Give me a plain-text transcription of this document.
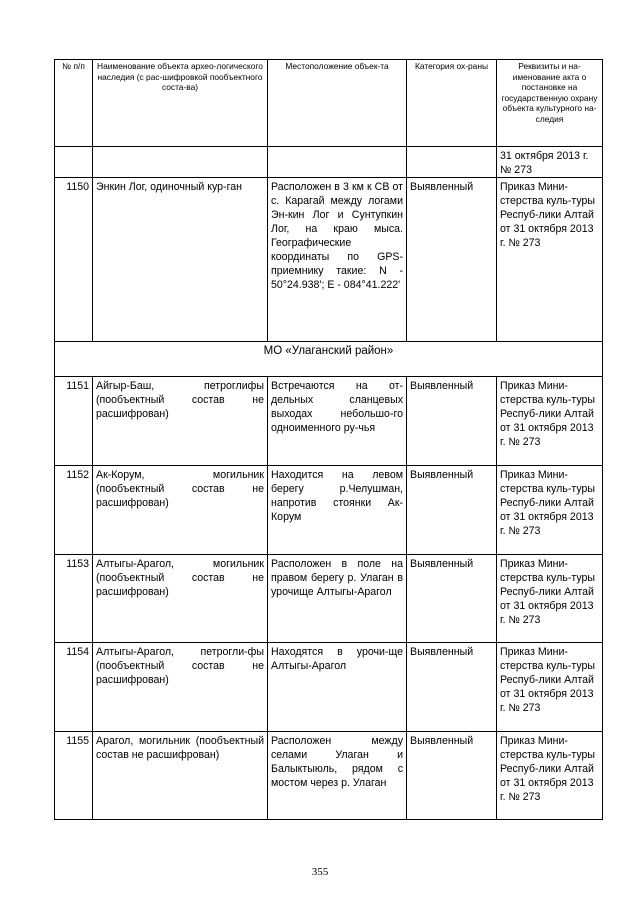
№ п/п	Наименование объекта архео-логического наследия (с рас-шифровкой пообъектного соста-ва)	Местоположение объек-та	Категория ох-раны	Реквизиты и на-именование акта о постановке на государственную охрану объекта культурного на-следия
				31 октября 2013 г. № 273
1150	Энкин Лог, одиночный кур-ган	Расположен в 3 км к СВ от с. Карагай между логами Эн-кин Лог и Сунтупкин Лог, на краю мыса. Географические координаты по GPS-приемнику такие: N - 50°24.938'; E - 084°41.222'	Выявленный	Приказ Мини-стерства куль-туры Респуб-лики Алтай от 31 октября 2013 г. № 273
МО «Улаганский район»				
1151	Айгыр-Баш, петроглифы (пообъектный состав не расшифрован)	Встречаются на от-дельных сланцевых выходах небольшо-го одноименного ру-чья	Выявленный	Приказ Мини-стерства куль-туры Респуб-лики Алтай от 31 октября 2013 г. № 273
1152	Ак-Корум, могильник (пообъектный состав не расшифрован)	Находится на левом берегу р.Челушман, напротив стоянки Ак-Корум	Выявленный	Приказ Мини-стерства куль-туры Респуб-лики Алтай от 31 октября 2013 г. № 273
1153	Алтыгы-Арагол, могильник (пообъектный состав не расшифрован)	Расположен в поле на правом берегу р. Улаган в урочище Алтыгы-Арагол	Выявленный	Приказ Мини-стерства куль-туры Респуб-лики Алтай от 31 октября 2013 г. № 273
1154	Алтыгы-Арагол, петрогли-фы (пообъектный состав не расшифрован)	Находятся в урочи-ще Алтыгы-Арагол	Выявленный	Приказ Мини-стерства куль-туры Респуб-лики Алтай от 31 октября 2013 г. № 273
1155	Арагол, могильник (пообъектный состав не расшифрован)	Расположен между селами Улаган и Балыктыюль, рядом с мостом через р. Улаган	Выявленный	Приказ Мини-стерства куль-туры Респуб-лики Алтай от 31 октября 2013 г. № 273
355
